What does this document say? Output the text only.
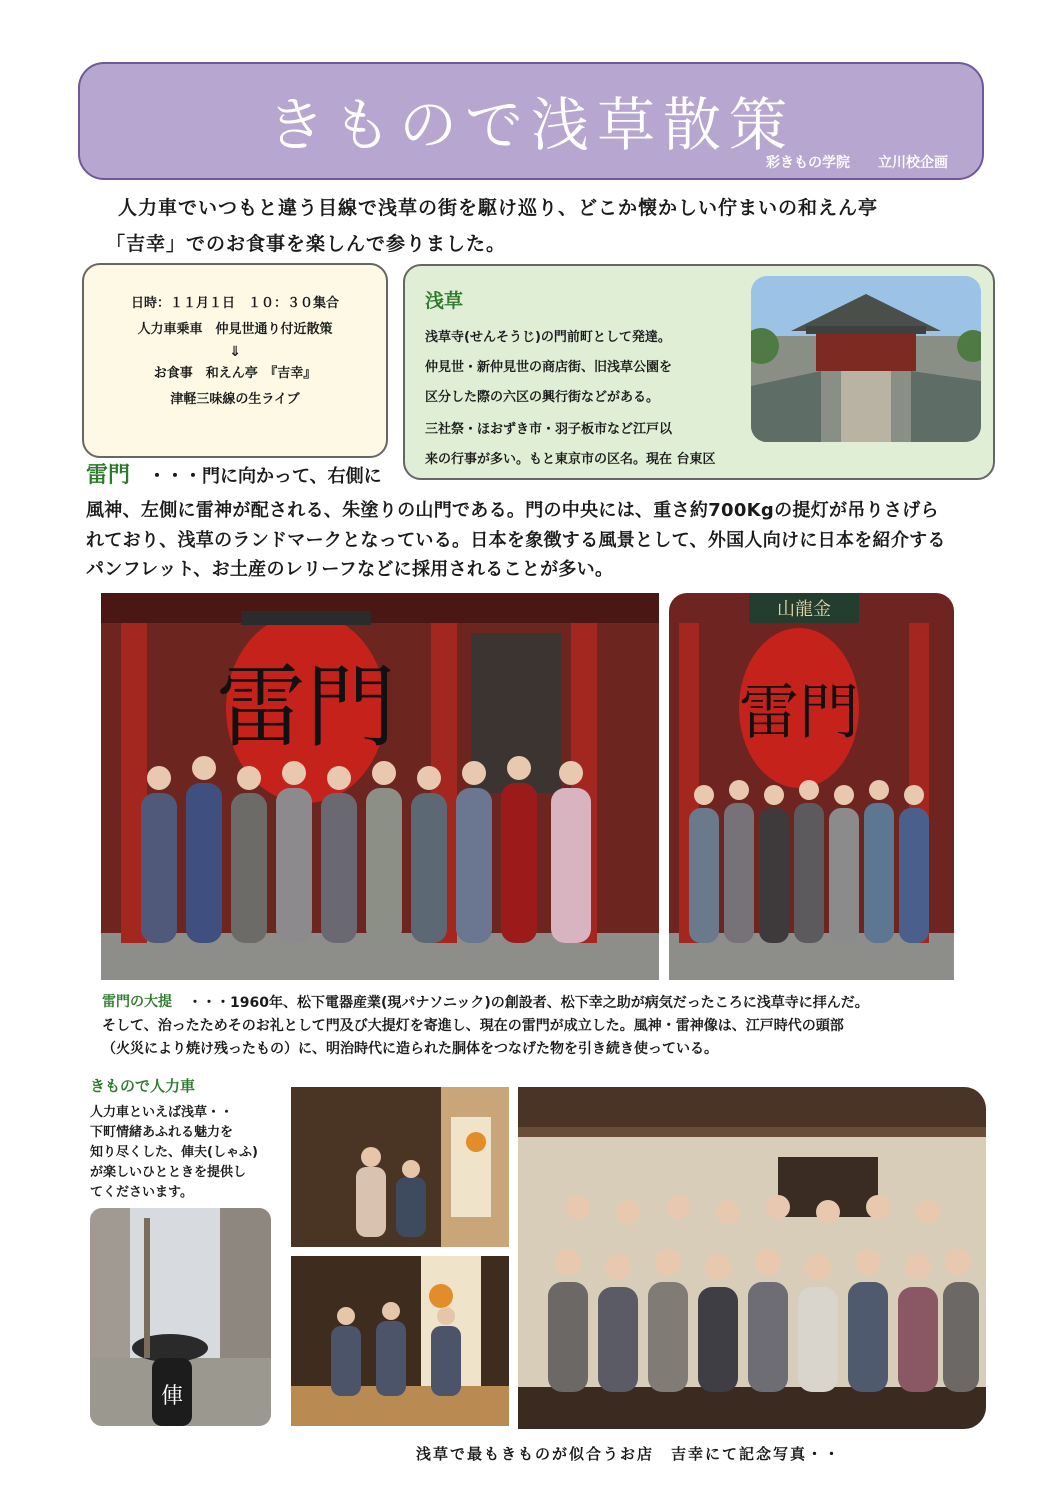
きもので浅草散策
彩きもの学院　　立川校企画
人力車でいつもと違う目線で浅草の街を駆け巡り、どこか懐かしい佇まいの和えん亭
「吉幸」でのお食事を楽しんで参りました。
日時：１１月１日　１０：３０集合
人力車乗車　仲見世通り付近散策
⇓
お食事　和えん亭　『吉幸』
津軽三味線の生ライブ
浅草
浅草寺(せんそうじ)の門前町として発達。
仲見世・新仲見世の商店街、旧浅草公園を
区分した際の六区の興行街などがある。
三社祭・ほおずき市・羽子板市など江戸以
来の行事が多い。もと東京市の区名。現在 台東区
雷門 ・・・門に向かって、右側に
風神、左側に雷神が配される、朱塗りの山門である。門の中央には、重さ約700Kgの提灯が吊りさげら
れており、浅草のランドマークとなっている。日本を象徴する風景として、外国人向けに日本を紹介する
パンフレット、お土産のレリーフなどに採用されることが多い。
雷門
山龍金
雷門
雷門の大提 ・・・1960年、松下電器産業(現パナソニック)の創設者、松下幸之助が病気だったころに浅草寺に拝んだ。
そして、治ったためそのお礼として門及び大提灯を寄進し、現在の雷門が成立した。風神・雷神像は、江戸時代の頭部
（火災により焼け残ったもの）に、明治時代に造られた胴体をつなげた物を引き続き使っている。
きもので人力車
人力車といえば浅草・・
下町情緒あふれる魅力を
知り尽くした、俥夫(しゃふ)
が楽しいひとときを提供し
てくださいます。
俥
浅草で最もきものが似合うお店　吉幸にて記念写真・・
